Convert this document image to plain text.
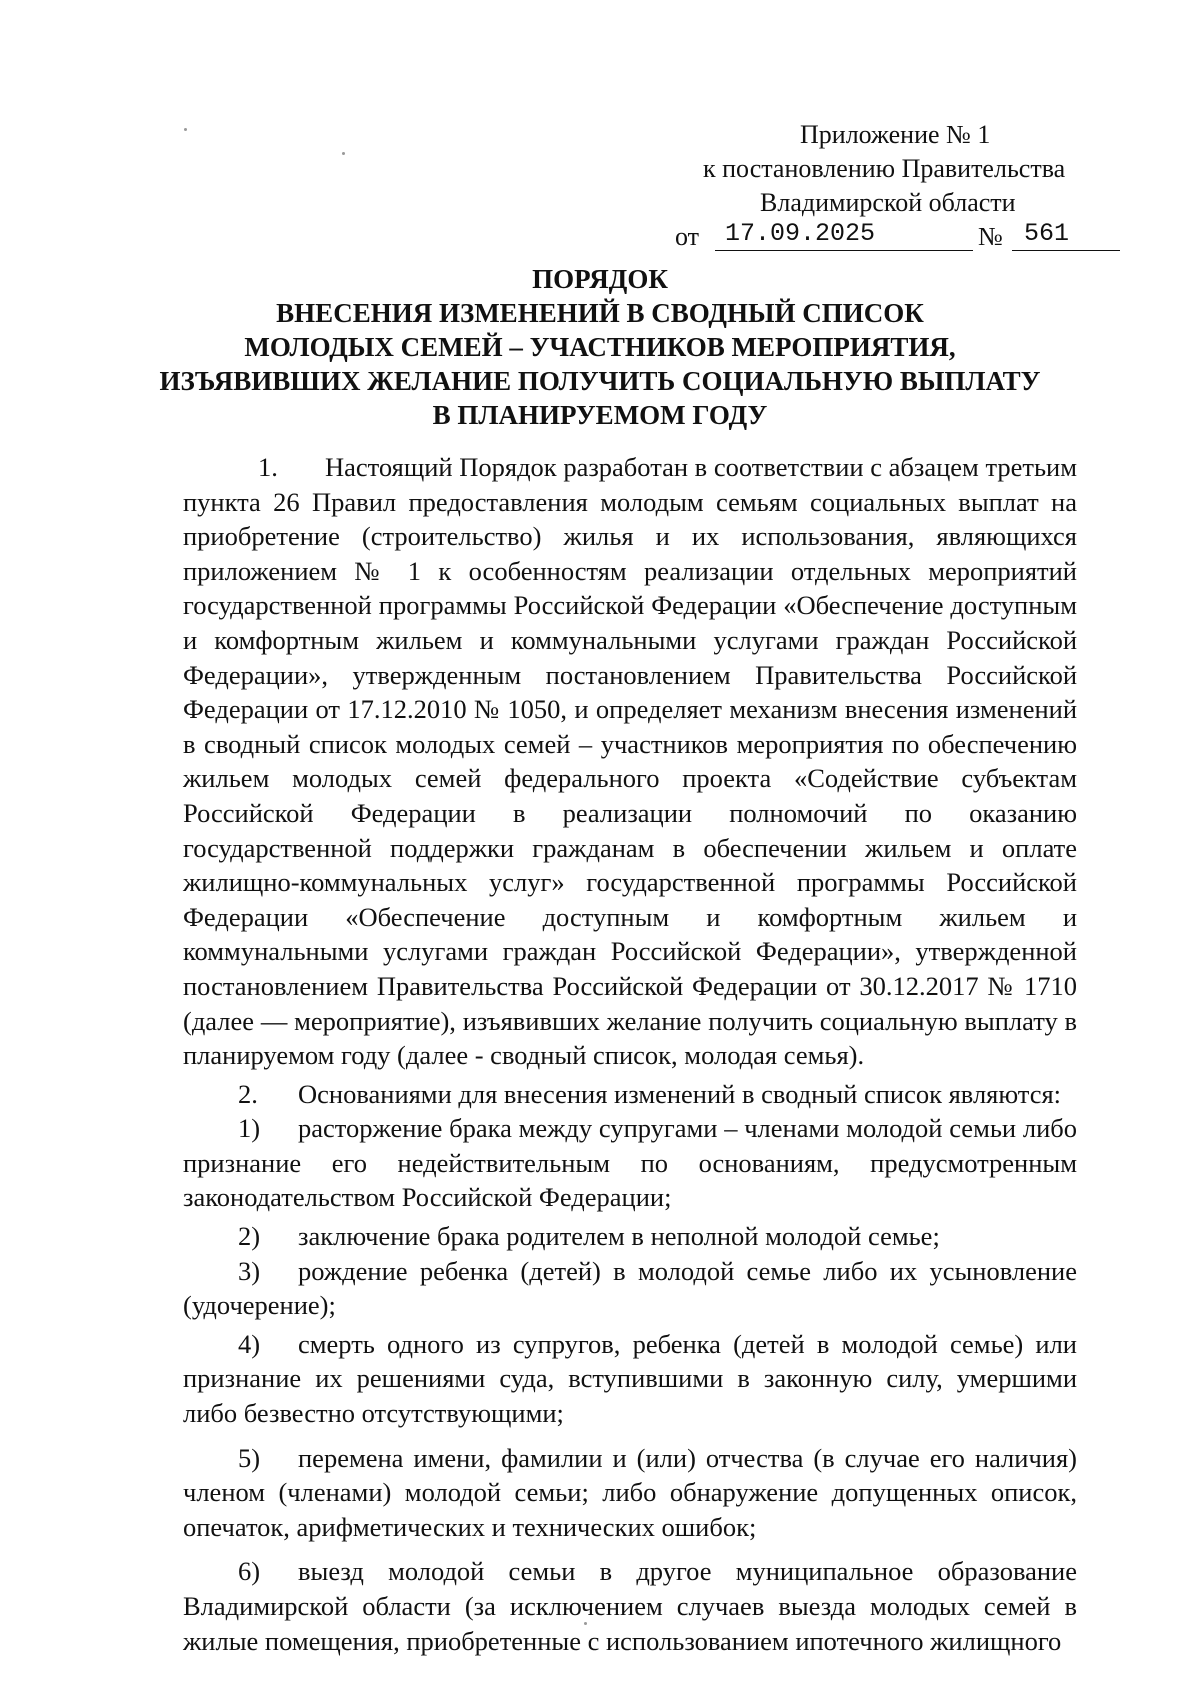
Приложение № 1
к постановлению Правительства
Владимирской области
от	17.09.2025	№ 561
ПОРЯДОК
ВНЕСЕНИЯ ИЗМЕНЕНИЙ В СВОДНЫЙ СПИСОК
МОЛОДЫХ СЕМЕЙ – УЧАСТНИКОВ МЕРОПРИЯТИЯ,
ИЗЪЯВИВШИХ ЖЕЛАНИЕ ПОЛУЧИТЬ СОЦИАЛЬНУЮ ВЫПЛАТУ
В ПЛАНИРУЕМОМ ГОДУ
1.	Настоящий Порядок разработан в соответствии с абзацем третьим пункта 26 Правил предоставления молодым семьям социальных выплат на приобретение (строительство) жилья и их использования, являющихся приложением № 1 к особенностям реализации отдельных мероприятий государственной программы Российской Федерации «Обеспечение доступным и комфортным жильем и коммунальными услугами граждан Российской Федерации», утвержденным постановлением Правительства Российской Федерации от 17.12.2010 № 1050, и определяет механизм внесения изменений в сводный список молодых семей – участников мероприятия по обеспечению жильем молодых семей федерального проекта «Содействие субъектам Российской Федерации в реализации полномочий по оказанию государственной поддержки гражданам в обеспечении жильем и оплате жилищно-коммунальных услуг» государственной программы Российской Федерации «Обеспечение доступным и комфортным жильем и коммунальными услугами граждан Российской Федерации», утвержденной постановлением Правительства Российской Федерации от 30.12.2017 № 1710 (далее — мероприятие), изъявивших желание получить социальную выплату в планируемом году (далее - сводный список, молодая семья).

2.	Основаниями для внесения изменений в сводный список являются:

1)	расторжение брака между супругами – членами молодой семьи либо признание его недействительным по основаниям, предусмотренным законодательством Российской Федерации;

2)	заключение брака родителем в неполной молодой семье;

3)	рождение ребенка (детей) в молодой семье либо их усыновление (удочерение);

4)	смерть одного из супругов, ребенка (детей в молодой семье) или признание их решениями суда, вступившими в законную силу, умершими либо безвестно отсутствующими;

5)	перемена имени, фамилии и (или) отчества (в случае его наличия) членом (членами) молодой семьи; либо обнаружение допущенных описок, опечаток, арифметических и технических ошибок;

6)	выезд молодой семьи в другое муниципальное образование Владимирской области (за исключением случаев выезда молодых семей в жилые помещения, приобретенные с использованием ипотечного жилищного
